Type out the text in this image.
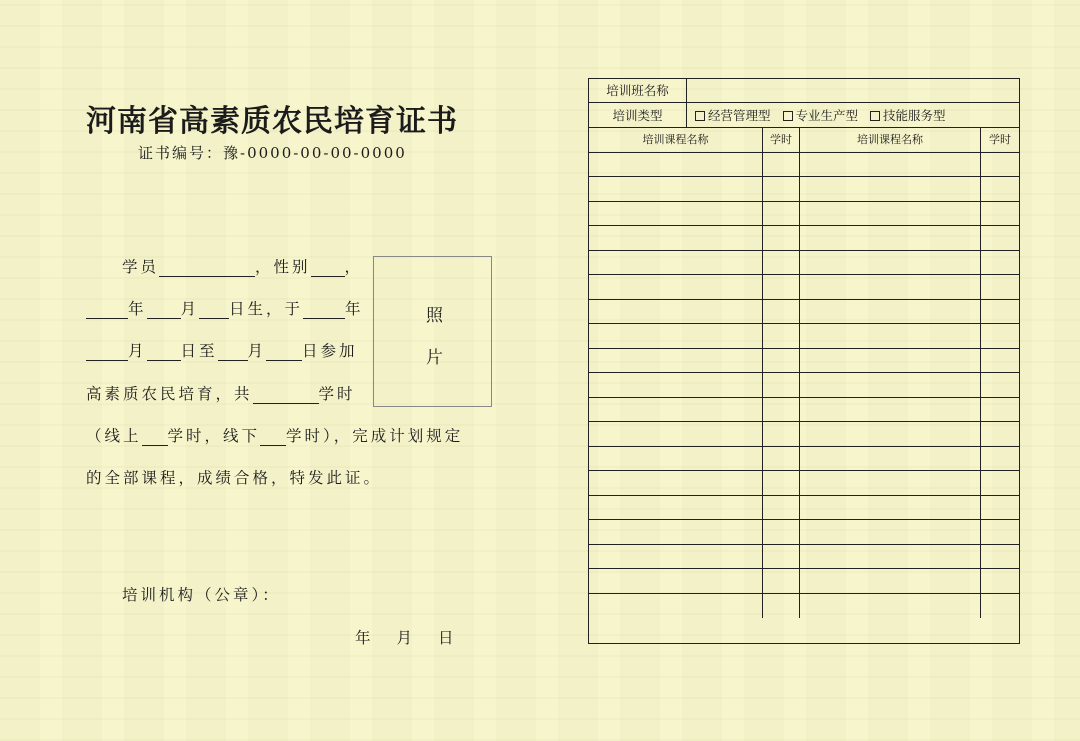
河南省高素质农民培育证书
证书编号：豫-0000-00-00-0000
学员	，性别 ，
年 月 日生，于	年
月 日至 月 日参加
高素质农民培育，共	学时
（线上 学时，线下 学时），完成计划规定
的全部课程，成绩合格，特发此证。
照
片
培训机构（公章）：
年 月 日
培训班名称
培训类型	经营管理型 专业生产型 技能服务型
培训课程名称	学时	培训课程名称	学时
